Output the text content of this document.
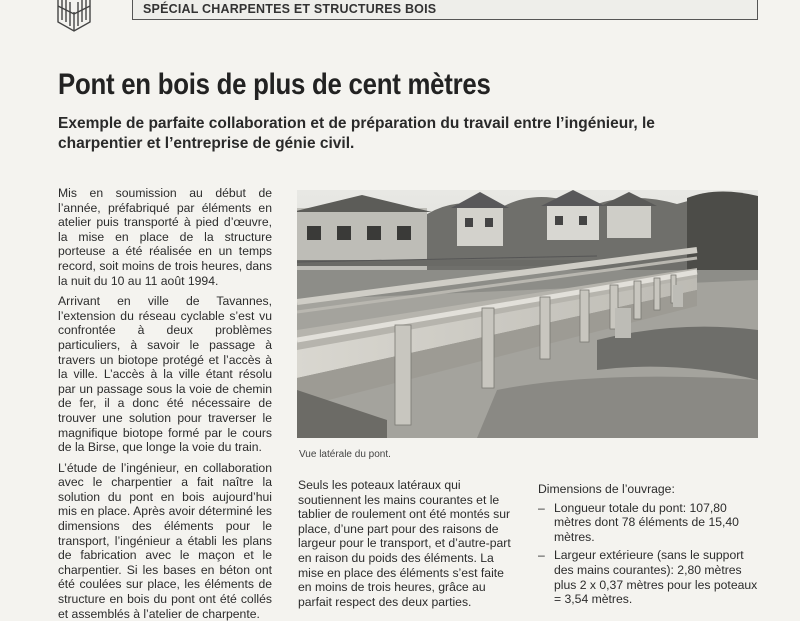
SPÉCIAL CHARPENTES ET STRUCTURES BOIS
Pont en bois de plus de cent mètres

Exemple de parfaite collaboration et de préparation du travail entre l’ingénieur, le charpentier et l’entreprise de génie civil.

Mis en soumission au début de l’année, préfabriqué par éléments en atelier puis transporté à pied d’œuvre, la mise en place de la structure porteuse a été réalisée en un temps record, soit moins de trois heures, dans la nuit du 10 au 11 août 1994.

Arrivant en ville de Tavannes, l’extension du réseau cyclable s’est vu confrontée à deux problèmes particuliers, à savoir le passage à travers un biotope protégé et l’accès à la ville. L’accès à la ville étant résolu par un passage sous la voie de chemin de fer, il a donc été nécessaire de trouver une solution pour traverser le magnifique biotope formé par le cours de la Birse, que longe la voie du train.

L’étude de l’ingénieur, en collaboration avec le charpentier a fait naître la solution du pont en bois aujourd’hui mis en place. Après avoir déterminé les dimensions des éléments pour le transport, l’ingénieur a établi les plans de fabrication avec le maçon et le charpentier. Si les bases en béton ont été coulées sur place, les éléments de structure en bois du pont ont été collés et assemblés à l’atelier de charpente.

Vue latérale du pont.

Seuls les poteaux latéraux qui soutiennent les mains courantes et le tablier de roulement ont été montés sur place, d’une part pour des raisons de largeur pour le transport, et d’autre-part en raison du poids des éléments. La mise en place des éléments s’est faite en moins de trois heures, grâce au parfait respect des deux parties.

Dimensions de l’ouvrage:

– Longueur totale du pont: 107,80 mètres dont 78 éléments de 15,40 mètres.
– Largeur extérieure (sans le support des mains courantes): 2,80 mètres plus 2 x 0,37 mètres pour les poteaux = 3,54 mètres.
